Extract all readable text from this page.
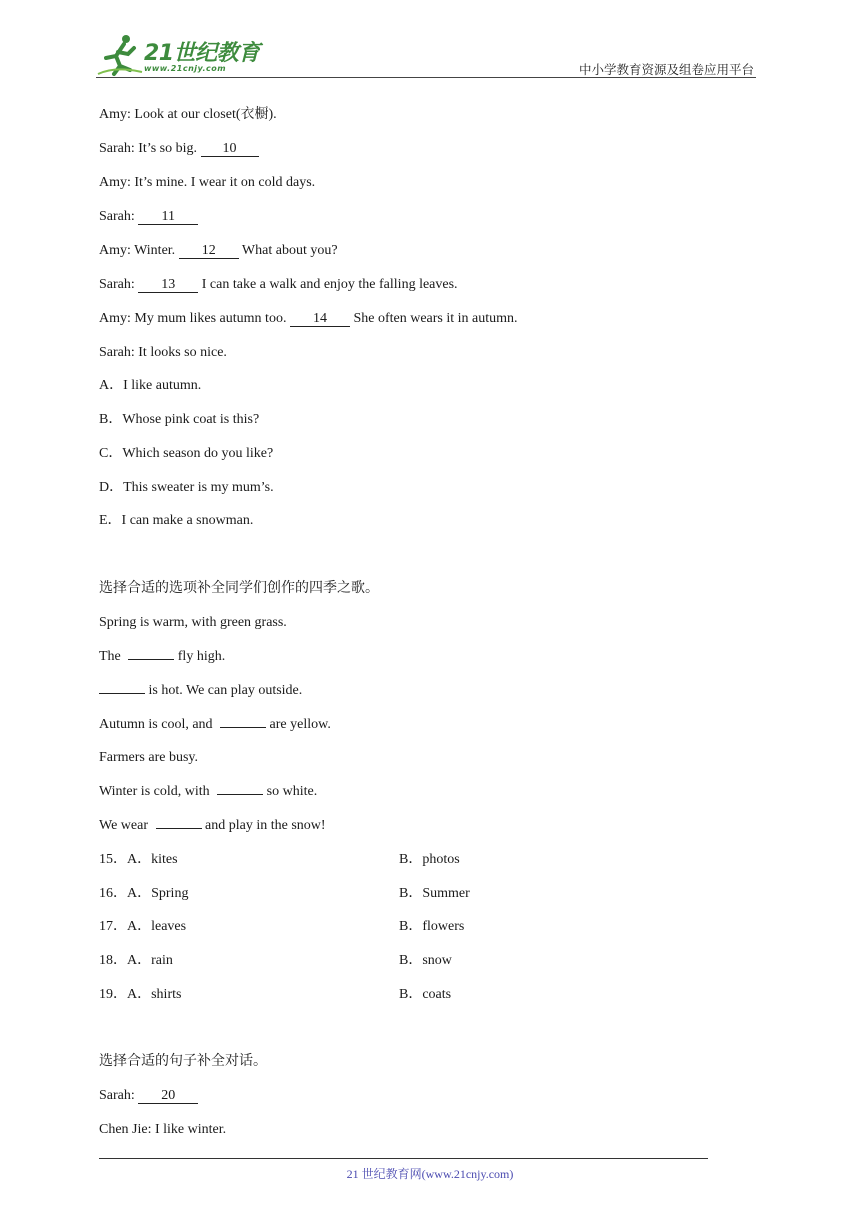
21世纪教育
www.21cnjy.com	中小学教育资源及组卷应用平台
Amy: Look at our closet(衣橱).
Sarah: It’s so big. 10
Amy: It’s mine. I wear it on cold days.
Sarah: 11
Amy: Winter. 12 What about you?
Sarah: 13 I can take a walk and enjoy the falling leaves.
Amy: My mum likes autumn too. 14 She often wears it in autumn.
Sarah: It looks so nice.
A．I like autumn.
B．Whose pink coat is this?
C．Which season do you like?
D．This sweater is my mum’s.
E．I can make a snowman.
选择合适的选项补全同学们创作的四季之歌。
Spring is warm, with green grass.
The	fly high.
is hot. We can play outside.
Autumn is cool, and	are yellow.
Farmers are busy.
Winter is cold, with	so white.
We wear	and play in the snow!
15．A．kites	B．photos
16．A．Spring	B．Summer
17．A．leaves	B．flowers
18．A．rain	B．snow
19．A．shirts	B．coats
选择合适的句子补全对话。
Sarah: 20
Chen Jie: I like winter.
21 世纪教育网(www.21cnjy.com)
